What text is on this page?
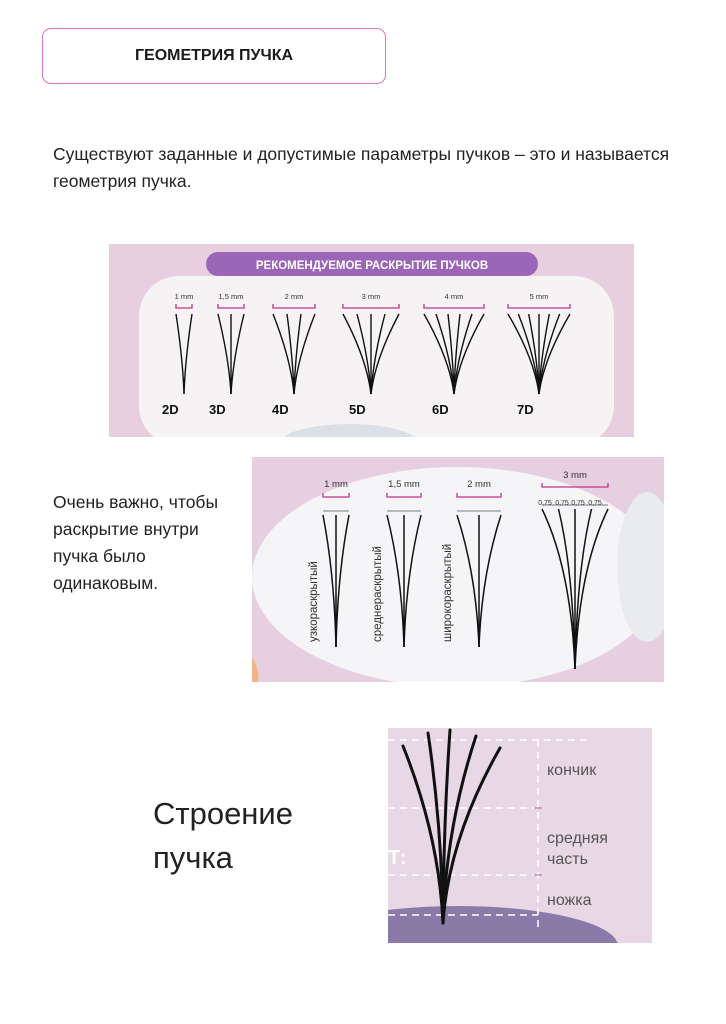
ГЕОМЕТРИЯ ПУЧКА
Существуют заданные и допустимые параметры пучков – это и называется геометрия пучка.
РЕКОМЕНДУЕМОЕ РАСКРЫТИЕ ПУЧКОВ
1 mm
2D
1,5 mm
3D
2 mm
4D
3 mm
5D
4 mm
6D
5 mm
7D
Очень важно, чтобы раскрытие внутри пучка было одинаковым.
1 mm
узкораскрытый
1,5 mm
среднераскрытый
2 mm
широкораскрытый
3 mm
0,75 0,75 0,75 0,75
Строение
пучка	Т:
кончик
средняя
часть
ножка
